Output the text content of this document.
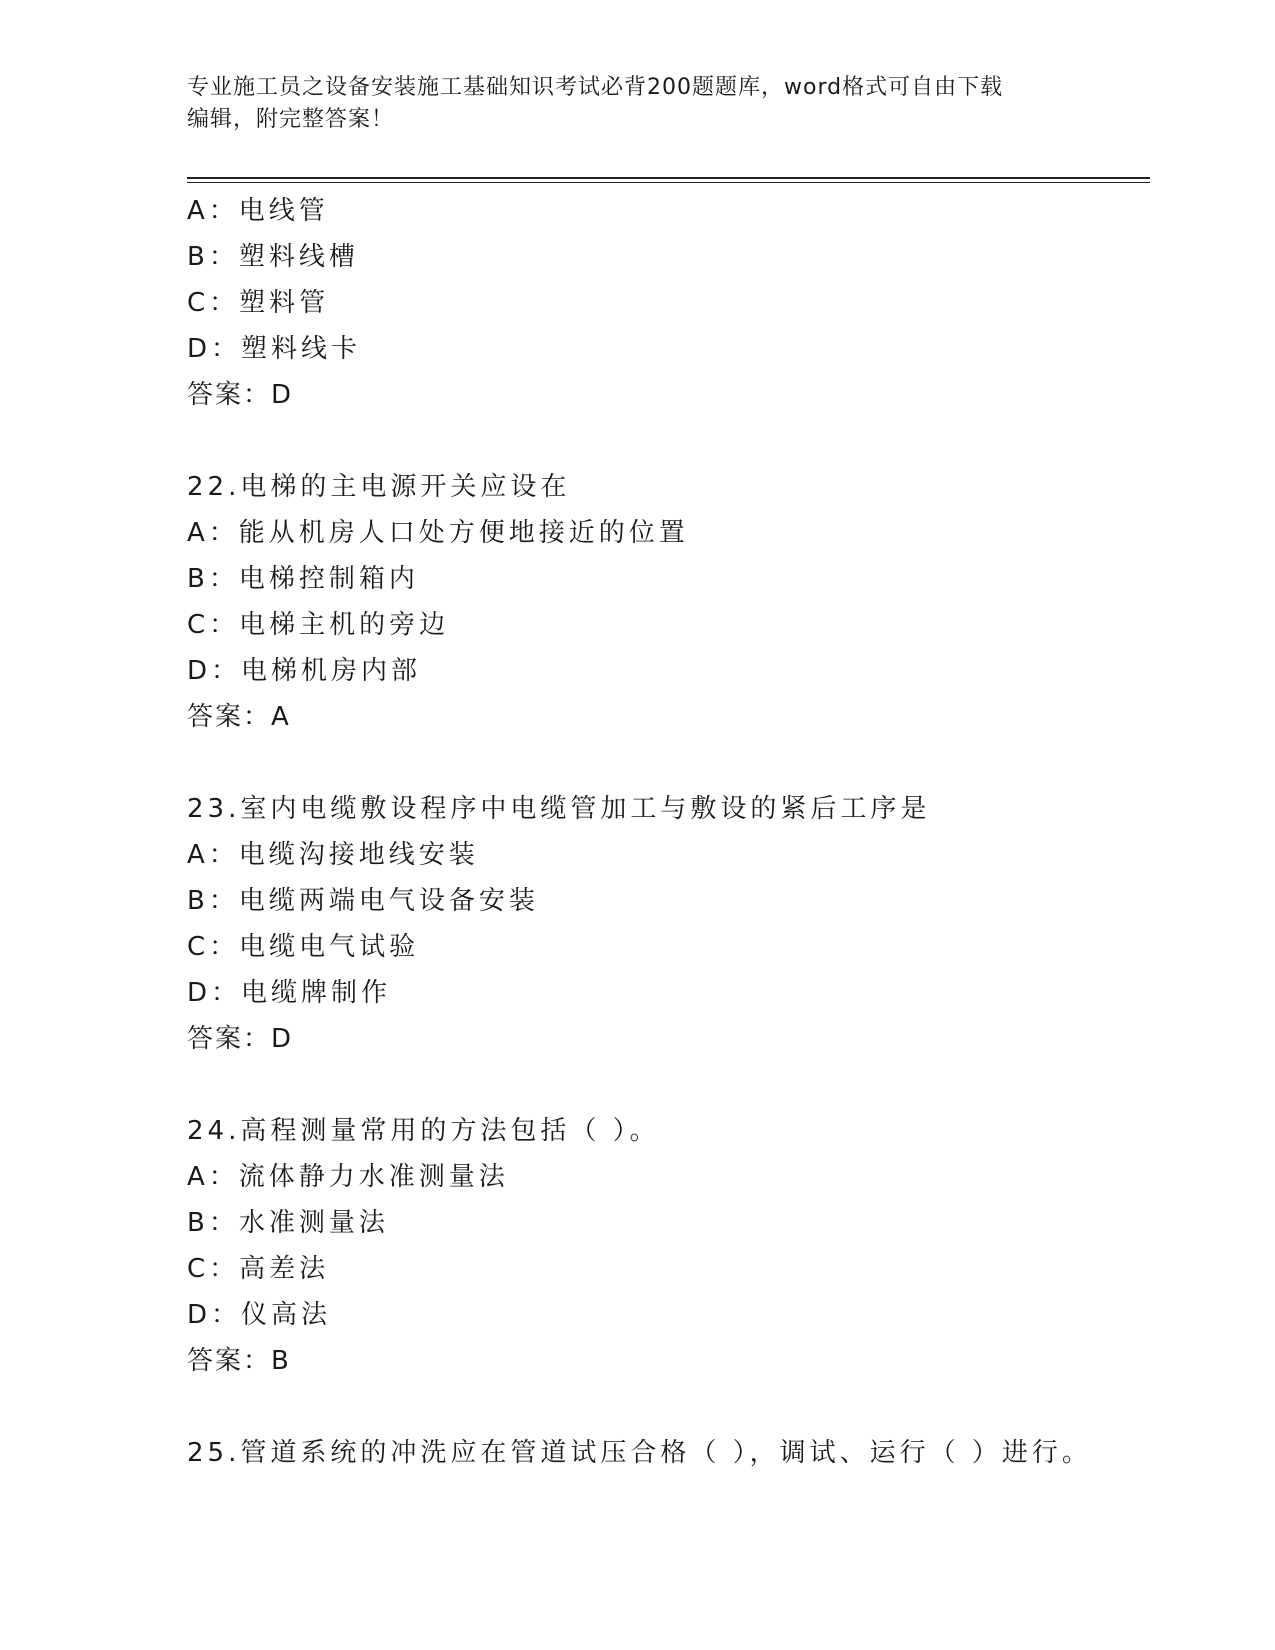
专业施工员之设备安装施工基础知识考试必背200题题库，word格式可自由下载
编辑，附完整答案！
A：电线管
B：塑料线槽
C：塑料管
D：塑料线卡
答案：D
22.电梯的主电源开关应设在
A：能从机房人口处方便地接近的位置
B：电梯控制箱内
C：电梯主机的旁边
D：电梯机房内部
答案：A
23.室内电缆敷设程序中电缆管加工与敷设的紧后工序是
A：电缆沟接地线安装
B：电缆两端电气设备安装
C：电缆电气试验
D：电缆牌制作
答案：D
24.高程测量常用的方法包括（ ）。
A：流体静力水准测量法
B：水准测量法
C：高差法
D：仪高法
答案：B
25.管道系统的冲洗应在管道试压合格（ ），调试、运行（ ）进行。
